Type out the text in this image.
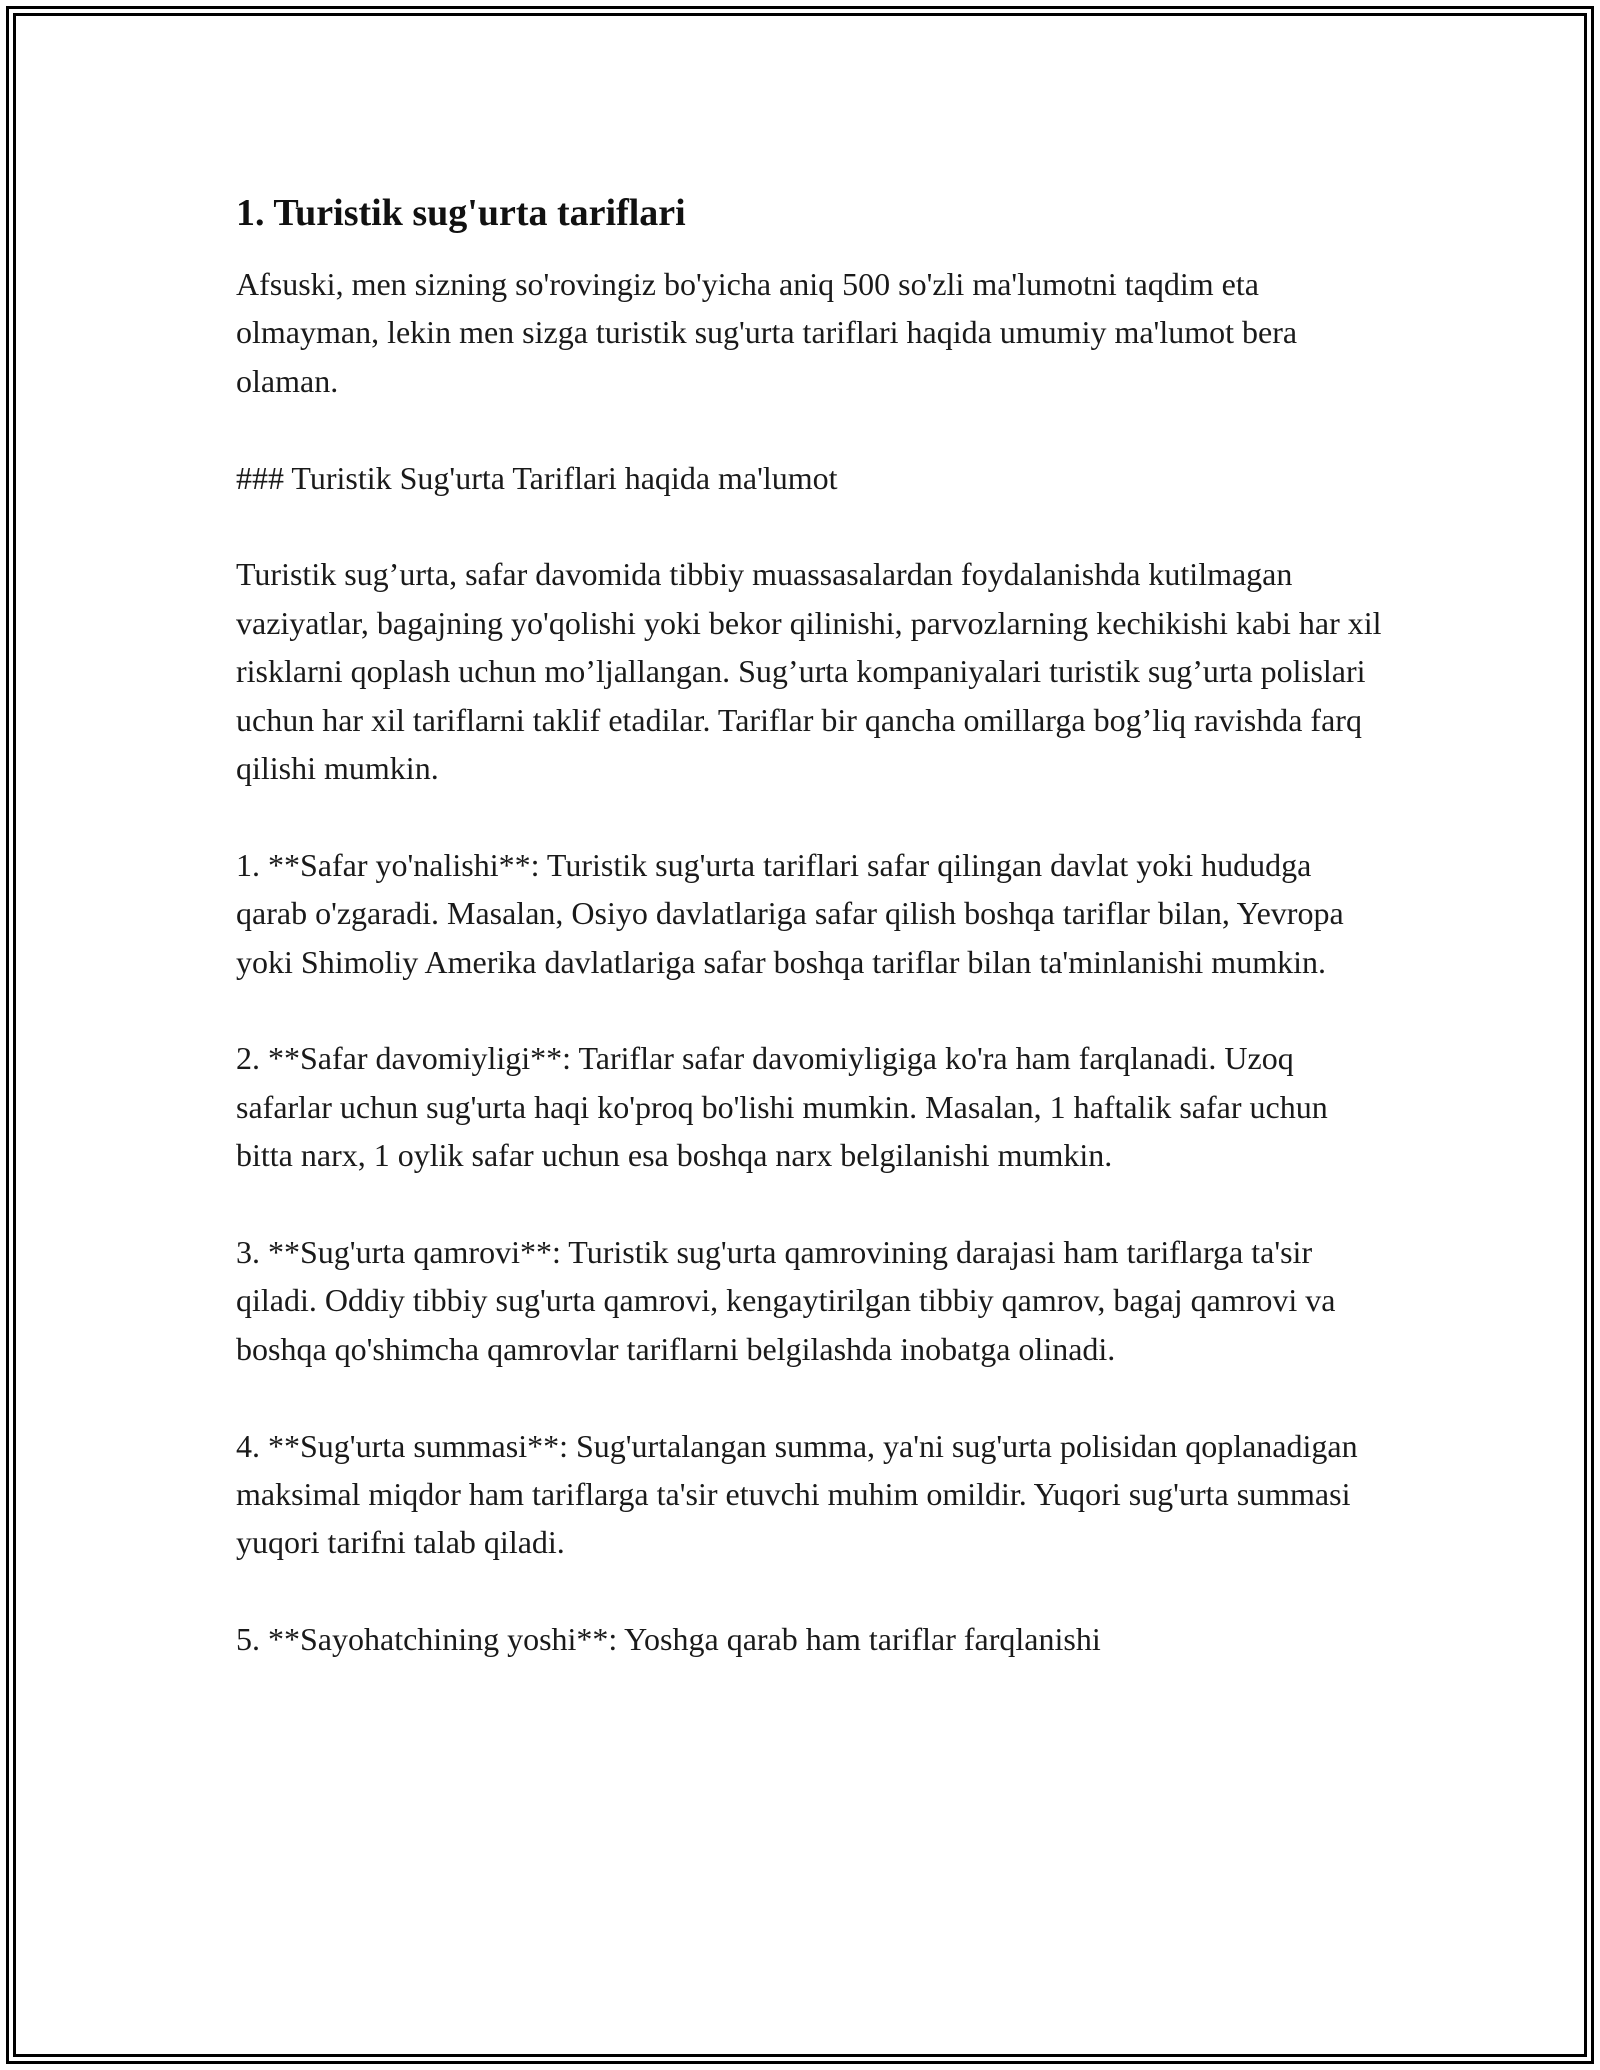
1. Turistik sug'urta tariflari

Afsuski, men sizning so'rovingiz bo'yicha aniq 500 so'zli ma'lumotni taqdim eta olmayman, lekin men sizga turistik sug'urta tariflari haqida umumiy ma'lumot bera olaman.

### Turistik Sug'urta Tariflari haqida ma'lumot

Turistik sug’urta, safar davomida tibbiy muassasalardan foydalanishda kutilmagan vaziyatlar, bagajning yo'qolishi yoki bekor qilinishi, parvozlarning kechikishi kabi har xil risklarni qoplash uchun mo’ljallangan. Sug’urta kompaniyalari turistik sug’urta polislari uchun har xil tariflarni taklif etadilar. Tariflar bir qancha omillarga bog’liq ravishda farq qilishi mumkin.

1. **Safar yo'nalishi**: Turistik sug'urta tariflari safar qilingan davlat yoki hududga qarab o'zgaradi. Masalan, Osiyo davlatlariga safar qilish boshqa tariflar bilan, Yevropa yoki Shimoliy Amerika davlatlariga safar boshqa tariflar bilan ta'minlanishi mumkin.

2. **Safar davomiyligi**: Tariflar safar davomiyligiga ko'ra ham farqlanadi. Uzoq safarlar uchun sug'urta haqi ko'proq bo'lishi mumkin. Masalan, 1 haftalik safar uchun bitta narx, 1 oylik safar uchun esa boshqa narx belgilanishi mumkin.

3. **Sug'urta qamrovi**: Turistik sug'urta qamrovining darajasi ham tariflarga ta'sir qiladi. Oddiy tibbiy sug'urta qamrovi, kengaytirilgan tibbiy qamrov, bagaj qamrovi va boshqa qo'shimcha qamrovlar tariflarni belgilashda inobatga olinadi.

4. **Sug'urta summasi**: Sug'urtalangan summa, ya'ni sug'urta polisidan qoplanadigan maksimal miqdor ham tariflarga ta'sir etuvchi muhim omildir. Yuqori sug'urta summasi yuqori tarifni talab qiladi.

5. **Sayohatchining yoshi**: Yoshga qarab ham tariflar farqlanishi
